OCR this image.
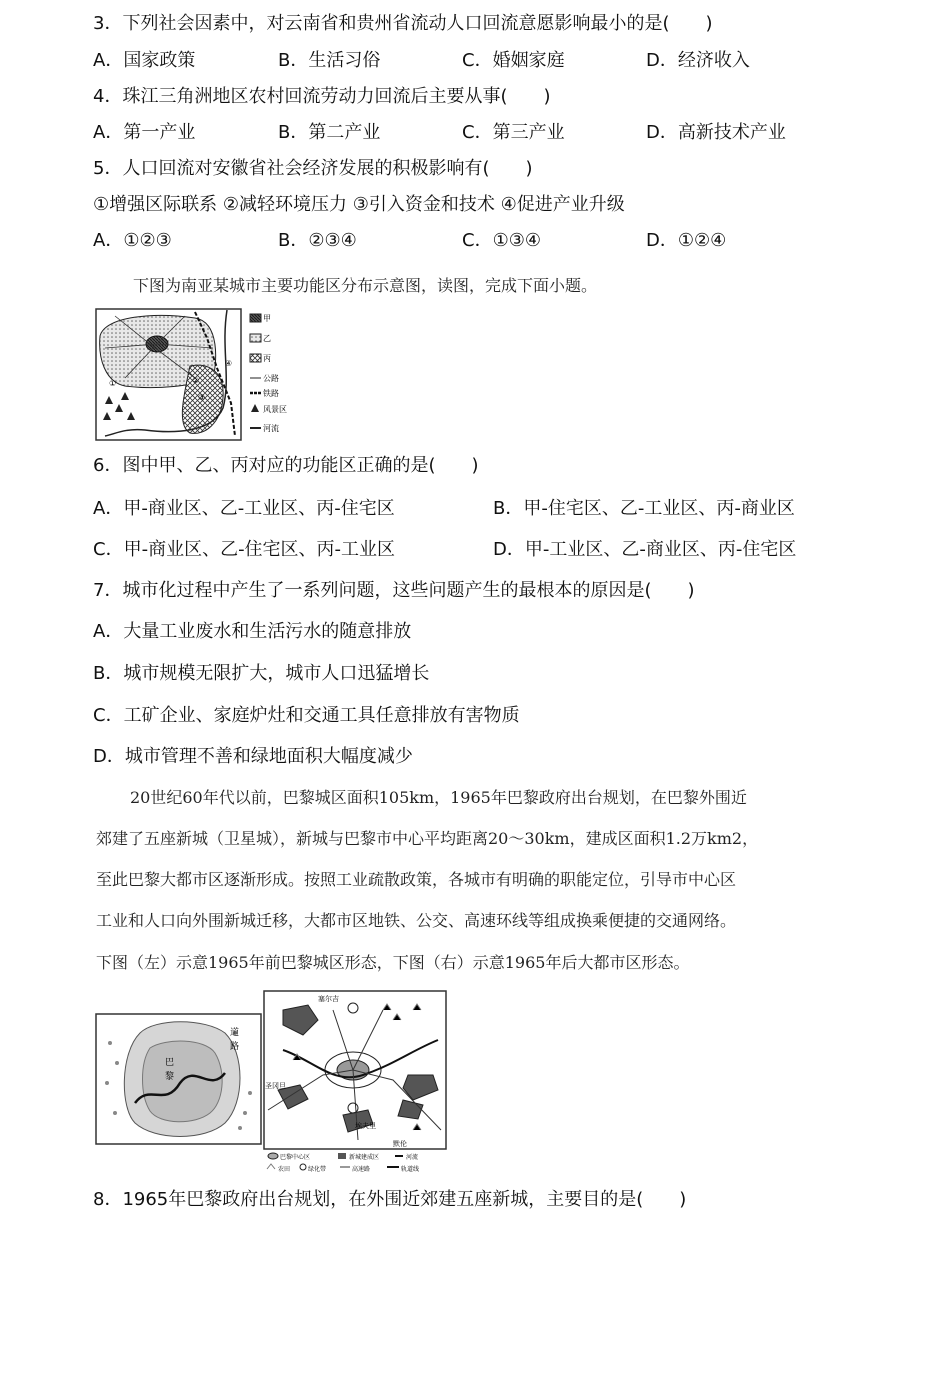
3．下列社会因素中，对云南省和贵州省流动人口回流意愿影响最小的是(　　)
A．国家政策	B．生活习俗	C．婚姻家庭	D．经济收入
4．珠江三角洲地区农村回流劳动力回流后主要从事(　　)
A．第一产业	B．第二产业	C．第三产业	D．高新技术产业
5．人口回流对安徽省社会经济发展的积极影响有(　　)
①增强区际联系 ②减轻环境压力 ③引入资金和技术 ④促进产业升级
A．①②③	B．②③④	C．①③④	D．①②④
下图为南亚某城市主要功能区分布示意图，读图，完成下面小题。
①	②
③
④
甲
乙
丙
公路
铁路
风景区
河流
6．图中甲、乙、丙对应的功能区正确的是(　　)
A．甲-商业区、乙-工业区、丙-住宅区	B．甲-住宅区、乙-工业区、丙-商业区
C．甲-商业区、乙-住宅区、丙-工业区	D．甲-工业区、乙-商业区、丙-住宅区
7．城市化过程中产生了一系列问题，这些问题产生的最根本的原因是(　　)
A．大量工业废水和生活污水的随意排放
B．城市规模无限扩大，城市人口迅猛增长
C．工矿企业、家庭炉灶和交通工具任意排放有害物质
D．城市管理不善和绿地面积大幅度减少
20世纪60年代以前，巴黎城区面积105km，1965年巴黎政府出台规划，在巴黎外围近
郊建了五座新城（卫星城），新城与巴黎市中心平均距离20～30km，建成区面积1.2万km2，
至此巴黎大都市区逐渐形成。按照工业疏散政策，各城市有明确的职能定位，引导市中心区
工业和人口向外围新城迁移，大都市区地铁、公交、高速环线等组成换乘便捷的交通网络。
下图（左）示意1965年前巴黎城区形态，下图（右）示意1965年后大都市区形态。
巴
黎
道
路
塞尔吉
圣冈旦
埃夫里
默伦
巴黎中心区	新城建成区	河流
农田	绿化带	高速路	轨道线
8．1965年巴黎政府出台规划，在外围近郊建五座新城，主要目的是(　　)
